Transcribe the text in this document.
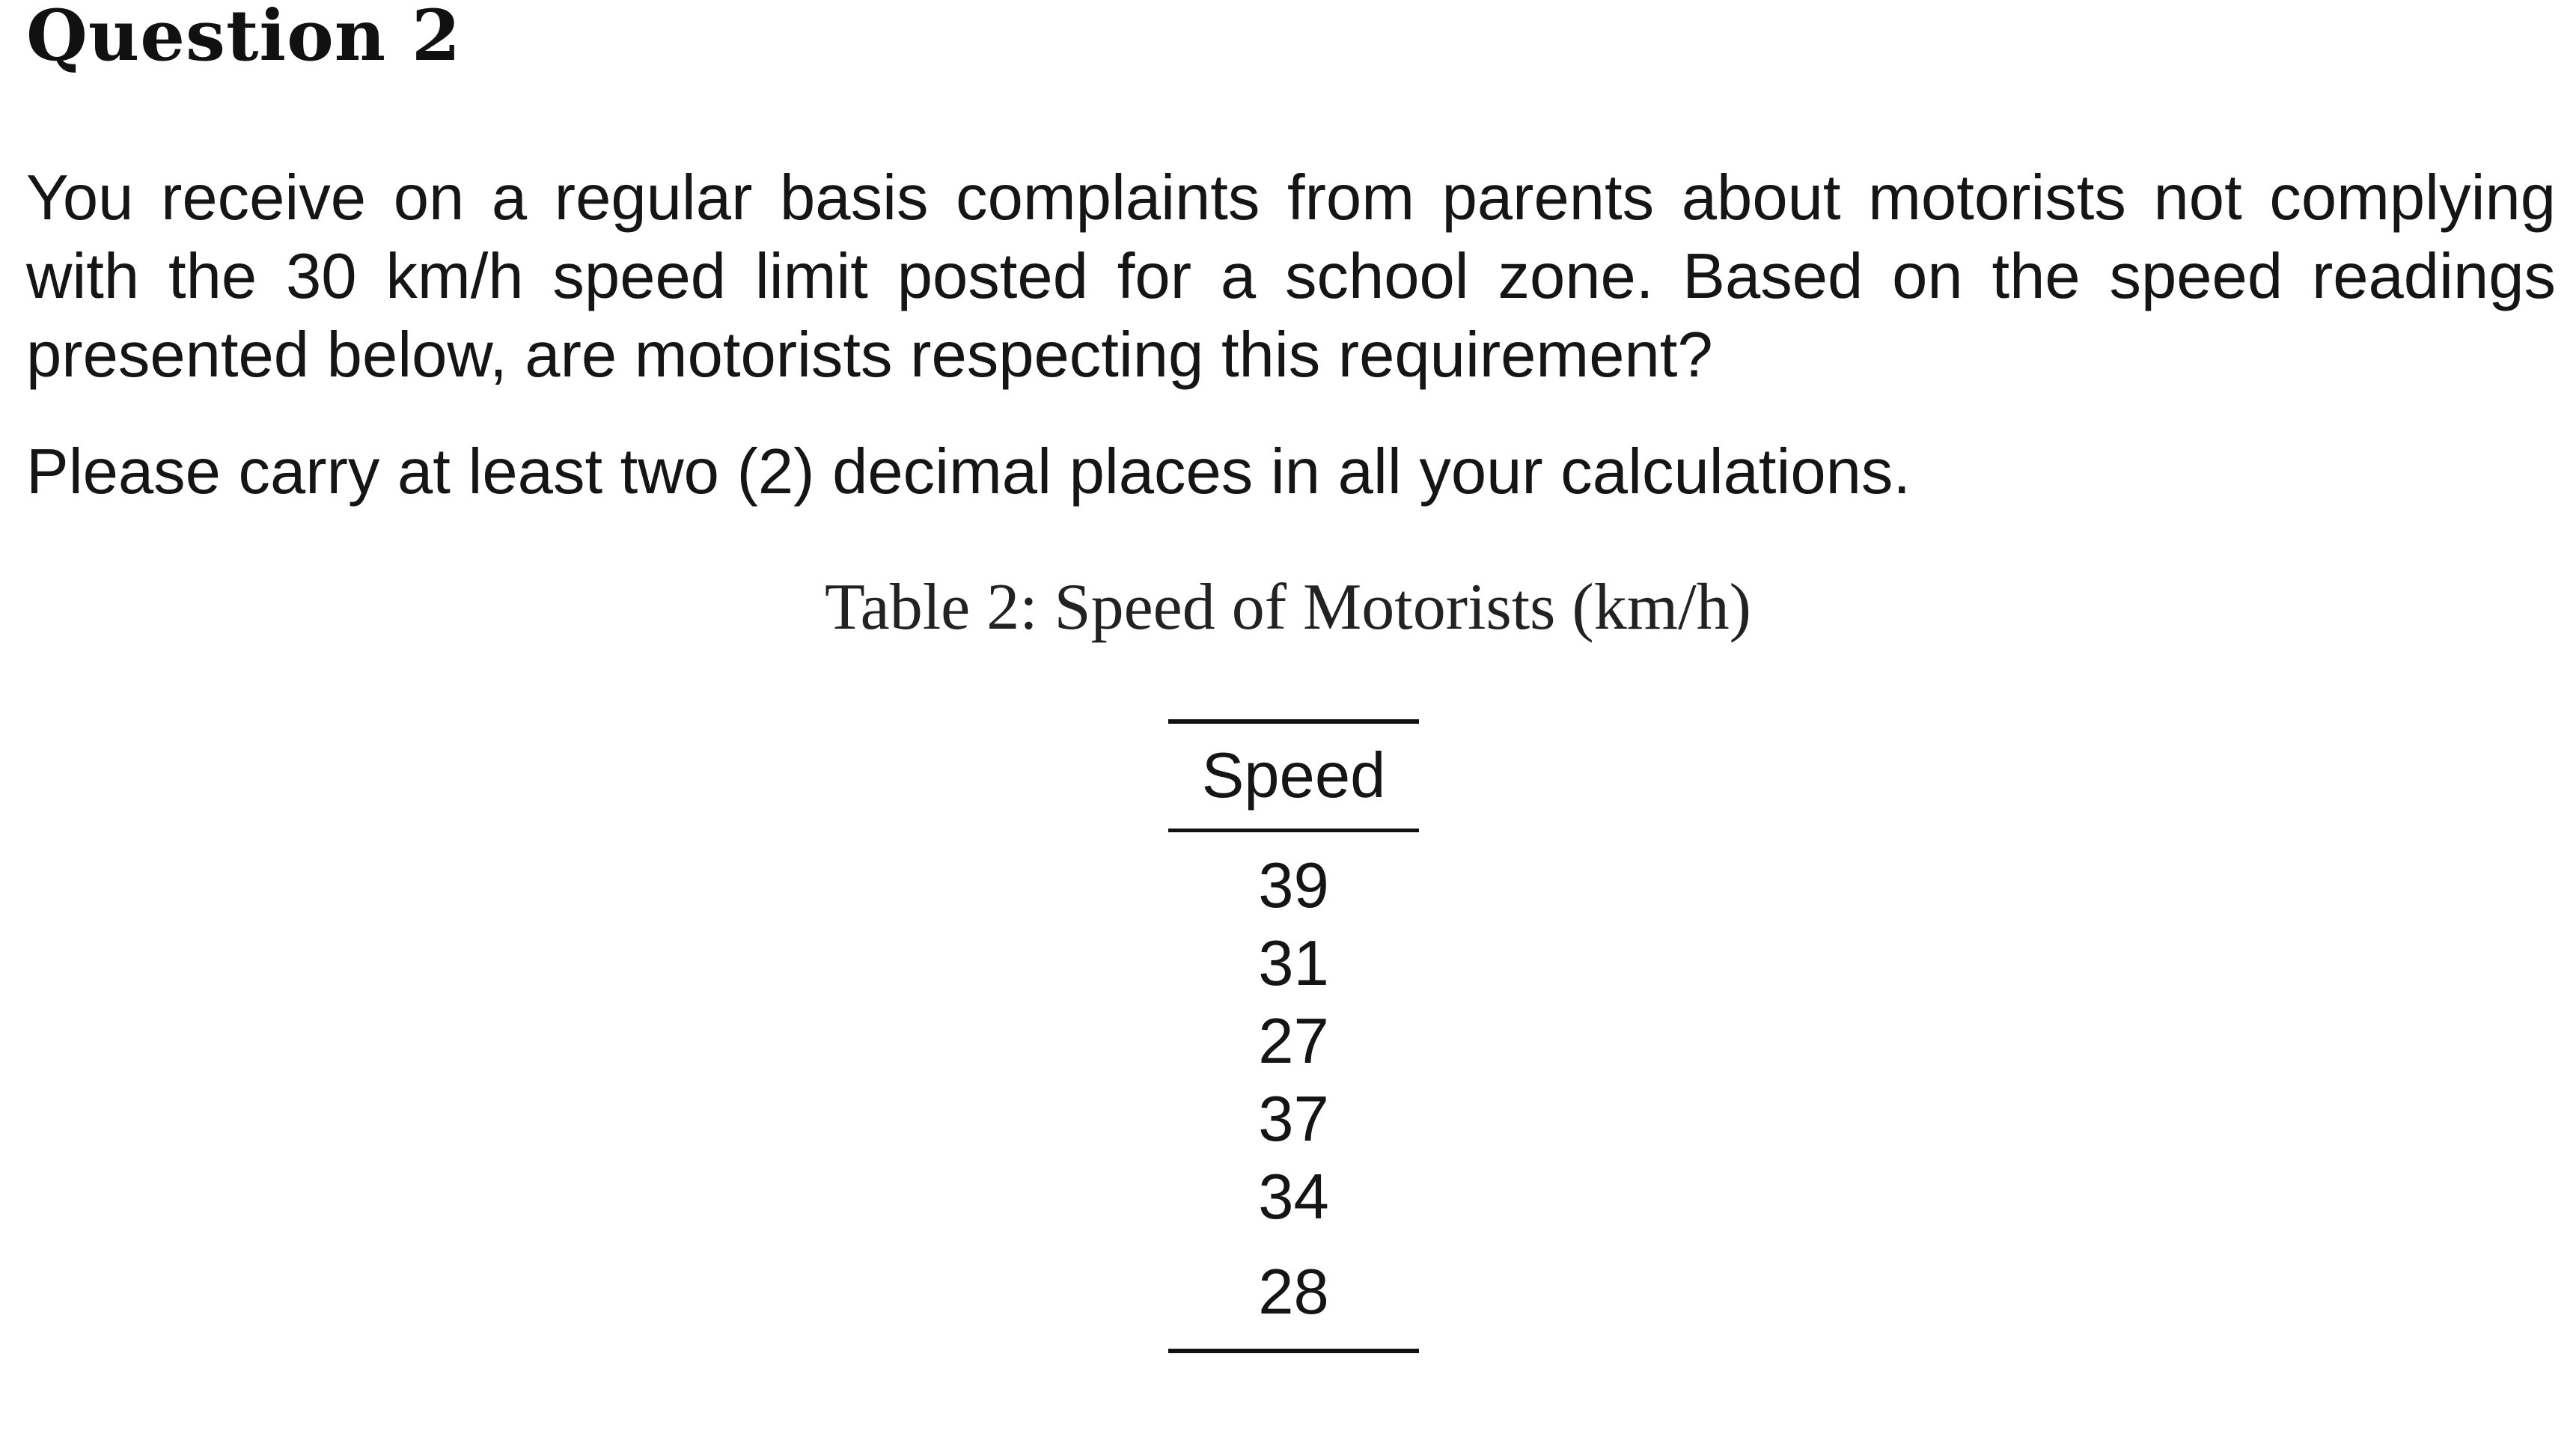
Question 2

You receive on a regular basis complaints from parents about motorists not complying with the 30 km/h speed limit posted for a school zone. Based on the speed readings presented below, are motorists respecting this requirement?

Please carry at least two (2) decimal places in all your calculations.

Table 2: Speed of Motorists (km/h)
Speed
39
31
27
37
34
28
